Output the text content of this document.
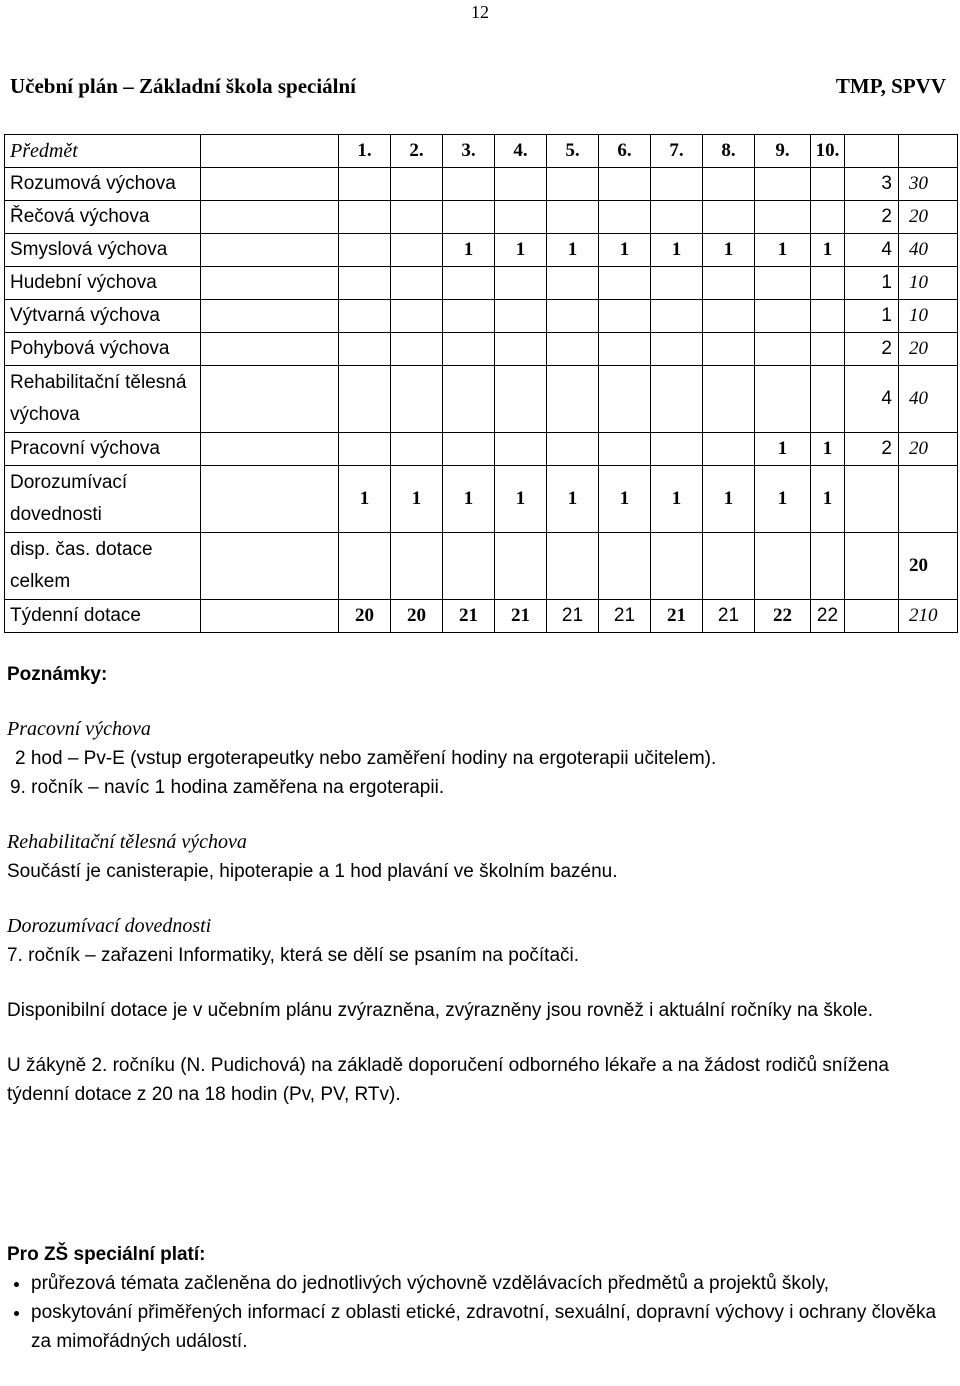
12
Učební plán – Základní škola speciální	TMP, SPVV
Předmět		1.	2.	3.	4.	5.	6.	7.	8.	9.	10.		
Rozumová výchova												3	30
Řečová výchova												2	20
Smyslová výchova				1	1	1	1	1	1	1	1	4	40
Hudební výchova												1	10
Výtvarná výchova												1	10
Pohybová výchova												2	20

Rehabilitační tělesná
výchova												4	40
Pracovní výchova										1	1	2	20

Dorozumívací
dovednosti		1	1	1	1	1	1	1	1	1	1		

disp. čas. dotace
celkem													20
Týdenní dotace		20	20	21	21	21	21	21	21	22	22		210

Poznámky:

Pracovní výchova

2 hod – Pv-E (vstup ergoterapeutky nebo zaměření hodiny na ergoterapii učitelem).

9. ročník – navíc 1 hodina zaměřena na ergoterapii.

Rehabilitační tělesná výchova

Součástí je canisterapie, hipoterapie a 1 hod plavání ve školním bazénu.

Dorozumívací dovednosti

7. ročník – zařazeni Informatiky, která se dělí se psaním na počítači.

Disponibilní dotace je v učebním plánu zvýrazněna, zvýrazněny jsou rovněž i aktuální ročníky na škole.

U žákyně 2. ročníku (N. Pudichová) na základě doporučení odborného lékaře a na žádost rodičů snížena týdenní dotace z 20 na 18 hodin (Pv, PV, RTv).

Pro ZŠ speciální platí:

• průřezová témata začleněna do jednotlivých výchovně vzdělávacích předmětů a projektů školy,
• poskytování přiměřených informací z oblasti etické, zdravotní, sexuální, dopravní výchovy i ochrany člověka za mimořádných událostí.
